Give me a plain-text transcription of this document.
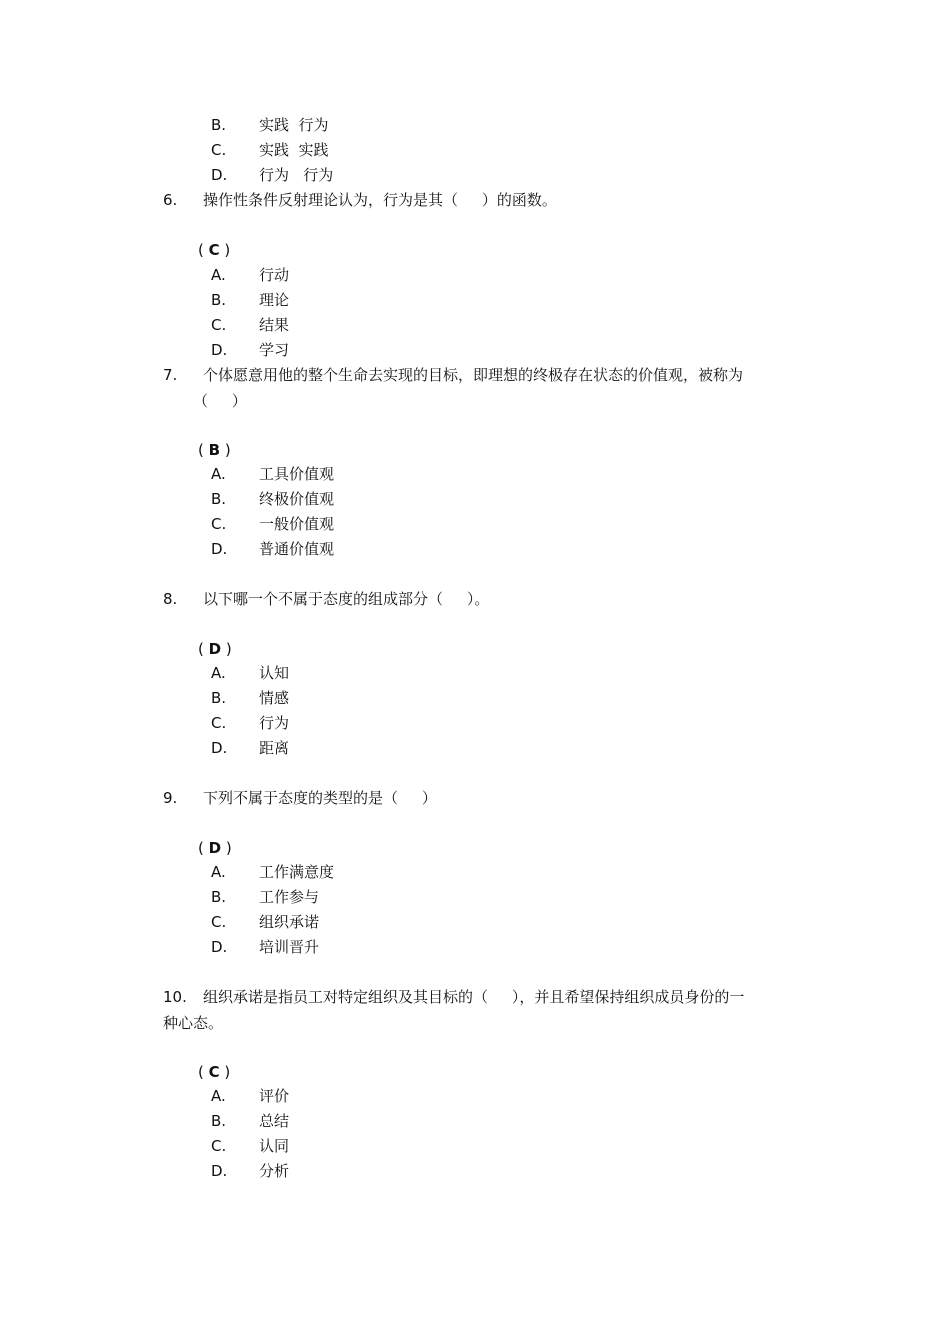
B. 实践  行为
C. 实践  实践
D. 行为   行为
6. 操作性条件反射理论认为，行为是其（     ）的函数。
( C )
A. 行动
B. 理论
C. 结果
D. 学习
7. 个体愿意用他的整个生命去实现的目标，即理想的终极存在状态的价值观，被称为
（     ）
( B )
A. 工具价值观
B. 终极价值观
C. 一般价值观
D. 普通价值观
8. 以下哪一个不属于态度的组成部分（     ）。
( D )
A. 认知
B. 情感
C. 行为
D. 距离
9. 下列不属于态度的类型的是（     ）
( D )
A. 工作满意度
B. 工作参与
C. 组织承诺
D. 培训晋升
10. 组织承诺是指员工对特定组织及其目标的（     ），并且希望保持组织成员身份的一
种心态。
( C )
A. 评价
B. 总结
C. 认同
D. 分析
